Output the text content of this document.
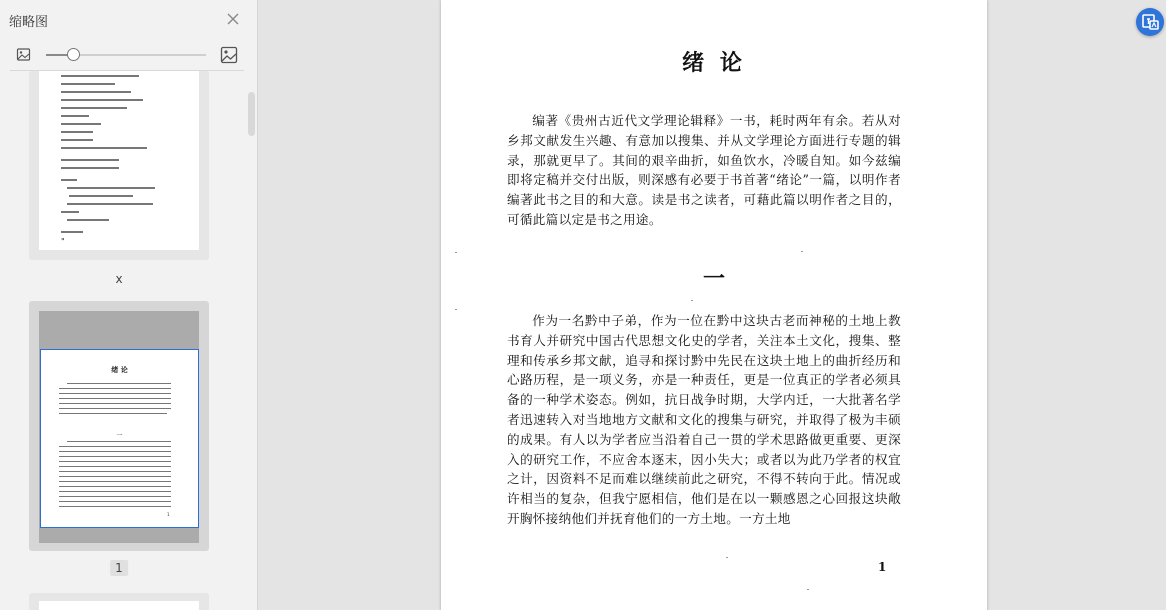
缩略图
"
x
绪 论
一
1
1
绪 论

编著《贵州古近代文学理论辑释》一书，耗时两年有余。若从对乡邦文献发生兴趣、有意加以搜集、并从文学理论方面进行专题的辑录，那就更早了。其间的艰辛曲折，如鱼饮水，冷暖自知。如今兹编即将定稿并交付出版，则深感有必要于书首著“绪论”一篇，以明作者编著此书之目的和大意。读是书之读者，可藉此篇以明作者之目的，可循此篇以定是书之用途。

一

作为一名黔中子弟，作为一位在黔中这块古老而神秘的土地上教书育人并研究中国古代思想文化史的学者，关注本土文化，搜集、整理和传承乡邦文献，追寻和探讨黔中先民在这块土地上的曲折经历和心路历程，是一项义务，亦是一种责任，更是一位真正的学者必须具备的一种学术姿态。例如，抗日战争时期，大学内迁，一大批著名学者迅速转入对当地地方文献和文化的搜集与研究，并取得了极为丰硕的成果。有人以为学者应当沿着自己一贯的学术思路做更重要、更深入的研究工作，不应舍本逐末，因小失大；或者以为此乃学者的权宜之计，因资料不足而难以继续前此之研究，不得不转向于此。情况或许相当的复杂，但我宁愿相信，他们是在以一颗感恩之心回报这块敞开胸怀接纳他们并抚育他们的一方土地。一方土地

1
